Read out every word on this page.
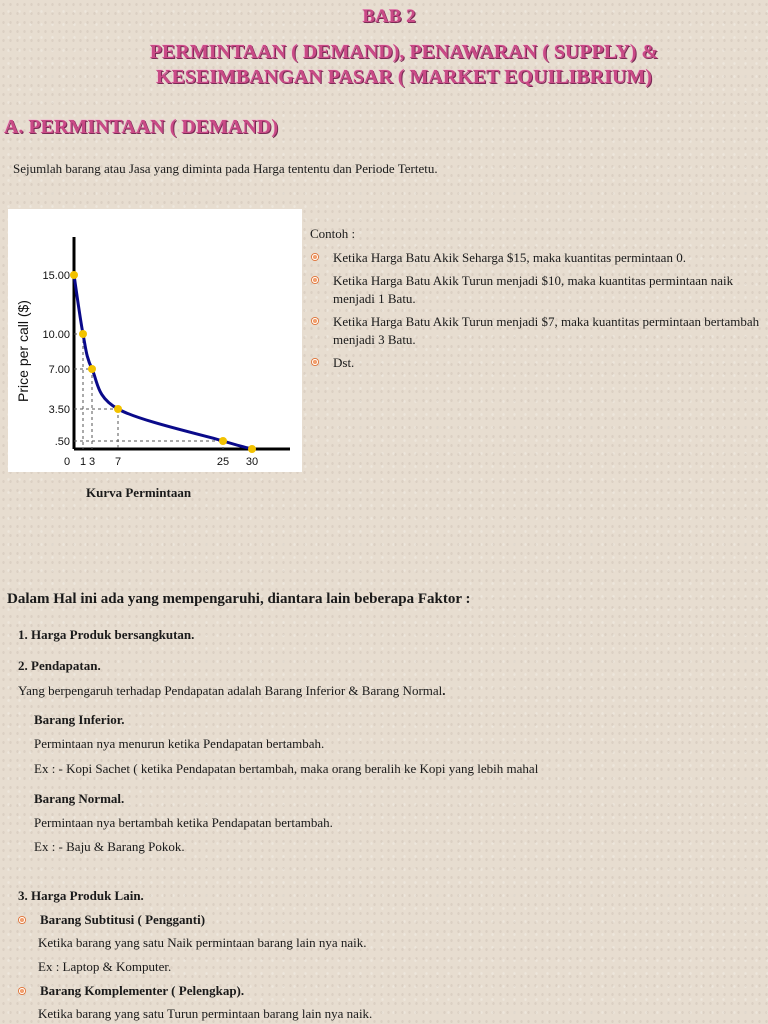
BAB 2
PERMINTAAN ( DEMAND), PENAWARAN ( SUPPLY) &
KESEIMBANGAN PASAR ( MARKET EQUILIBRIUM)
A. PERMINTAAN ( DEMAND)
Sejumlah barang atau Jasa yang diminta pada Harga tententu dan Periode Tertetu.
15.00
10.00
7.00
3.50
.50
0 1 3 7	25 30
Price per call ($)
Kurva Permintaan
Contoh :
Ketika Harga Batu Akik Seharga $15, maka kuantitas permintaan 0.
Ketika Harga Batu Akik Turun menjadi $10, maka kuantitas permintaan naik menjadi 1 Batu.
Ketika Harga Batu Akik Turun menjadi $7, maka kuantitas permintaan bertambah menjadi 3 Batu.
Dst.
Dalam Hal ini ada yang mempengaruhi, diantara lain beberapa Faktor :
1. Harga Produk bersangkutan.
2. Pendapatan.
Yang berpengaruh terhadap Pendapatan adalah Barang Inferior & Barang Normal.
Barang Inferior.
Permintaan nya menurun ketika Pendapatan bertambah.
Ex : - Kopi Sachet ( ketika Pendapatan bertambah, maka orang beralih ke Kopi yang lebih mahal
Barang Normal.
Permintaan nya bertambah ketika Pendapatan bertambah.
Ex : - Baju & Barang Pokok.
3. Harga Produk Lain.
Barang Subtitusi ( Pengganti)
Ketika barang yang satu Naik permintaan barang lain nya naik.
Ex : Laptop & Komputer.
Barang Komplementer ( Pelengkap).
Ketika barang yang satu Turun permintaan barang lain nya naik.
